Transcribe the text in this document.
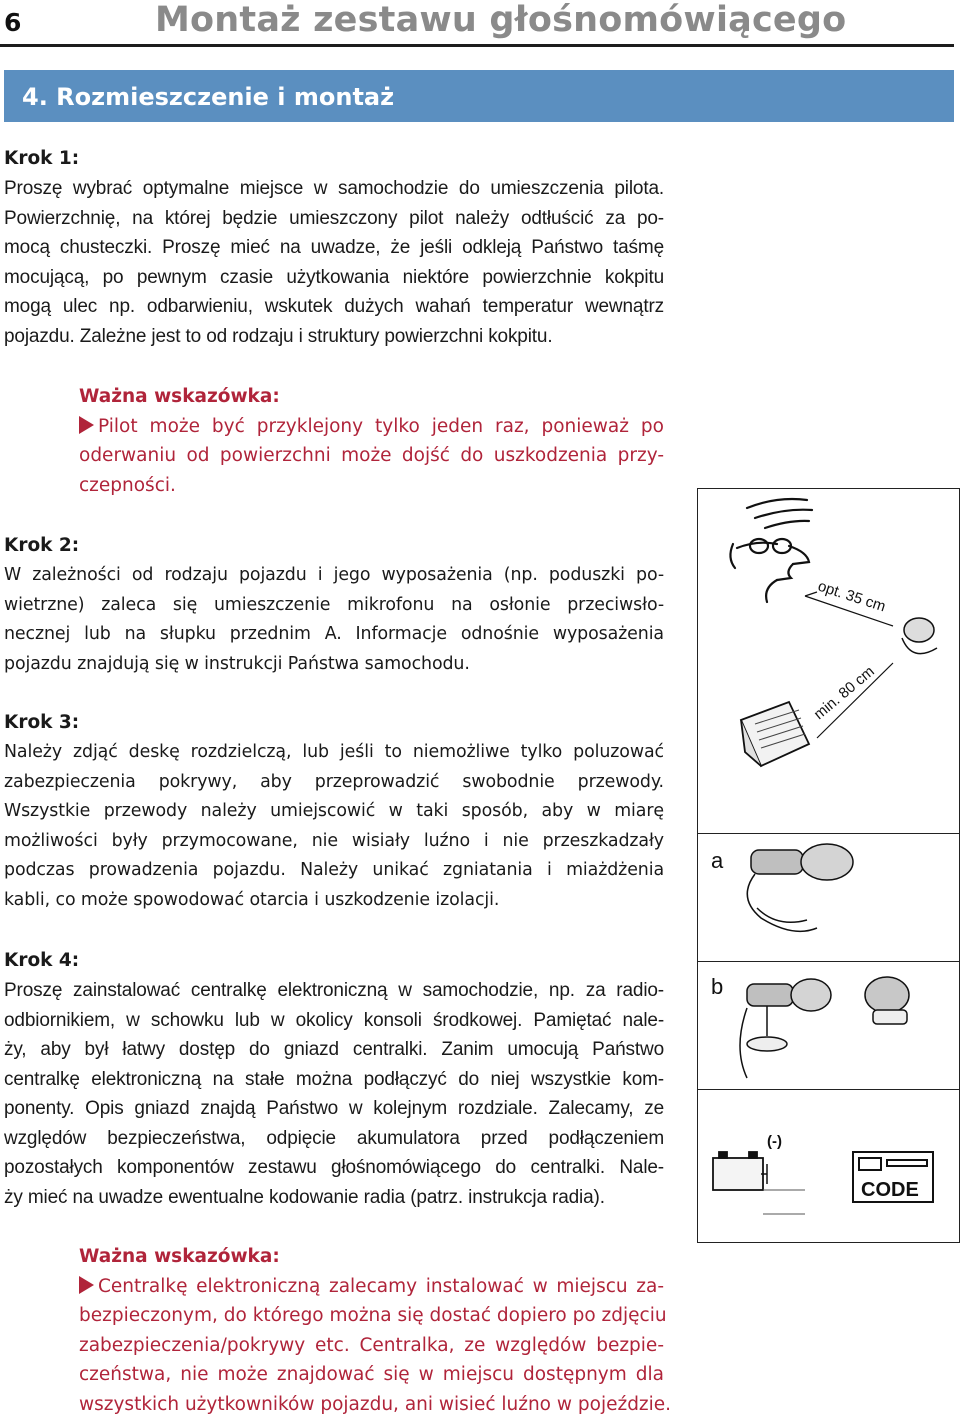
6	Montaż zestawu głośnomówiącego
4. Rozmieszczenie i montaż
Krok 1:
Proszę wybrać optymalne miejsce w samochodzie do umieszczenia pilota.
Powierzchnię, na której będzie umieszczony pilot należy odtłuścić za po-
mocą chusteczki. Proszę mieć na uwadze, że jeśli odkleją Państwo taśmę
mocującą, po pewnym czasie użytkowania niektóre powierzchnie kokpitu
mogą ulec np. odbarwieniu, wskutek dużych wahań temperatur wewnątrz
pojazdu. Zależne jest to od rodzaju i struktury powierzchni kokpitu.
Ważna wskazówka:
Pilot może być przyklejony tylko jeden raz, ponieważ po
oderwaniu od powierzchni może dojść do uszkodzenia przy-
czepności.
Krok 2:
W zależności od rodzaju pojazdu i jego wyposażenia (np. poduszki po-
wietrzne) zaleca się umieszczenie mikrofonu na osłonie przeciwsło-
necznej lub na słupku przednim A. Informacje odnośnie wyposażenia
pojazdu znajdują się w instrukcji Państwa samochodu.
Krok 3:
Należy zdjąć deskę rozdzielczą, lub jeśli to niemożliwe tylko poluzować
zabezpieczenia pokrywy, aby przeprowadzić swobodnie przewody.
Wszystkie przewody należy umiejscowić w taki sposób, aby w miarę
możliwości były przymocowane, nie wisiały luźno i nie przeszkadzały
podczas prowadzenia pojazdu. Należy unikać zgniatania i miażdżenia
kabli, co może spowodować otarcia i uszkodzenie izolacji.
Krok 4:
Proszę zainstalować centralkę elektroniczną w samochodzie, np. za radio-
odbiornikiem, w schowku lub w okolicy konsoli środkowej. Pamiętać nale-
ży, aby był łatwy dostęp do gniazd centralki. Zanim umocują Państwo
centralkę elektroniczną na stałe można podłączyć do niej wszystkie kom-
ponenty. Opis gniazd znajdą Państwo w kolejnym rozdziale. Zalecamy, ze
względów bezpieczeństwa, odpięcie akumulatora przed podłączeniem
pozostałych komponentów zestawu głośnomówiącego do centralki. Nale-
ży mieć na uwadze ewentualne kodowanie radia (patrz. instrukcja radia).
Ważna wskazówka:
Centralkę elektroniczną zalecamy instalować w miejscu za-
bezpieczonym, do którego można się dostać dopiero po zdjęciu
zabezpieczenia/pokrywy etc. Centralka, ze względów bezpie-
czeństwa, nie może znajdować się w miejscu dostępnym dla
wszystkich użytkowników pojazdu, ani wisieć luźno w pojeździe.
opt. 35 cm
min. 80 cm
a
b
(-)
CODE
